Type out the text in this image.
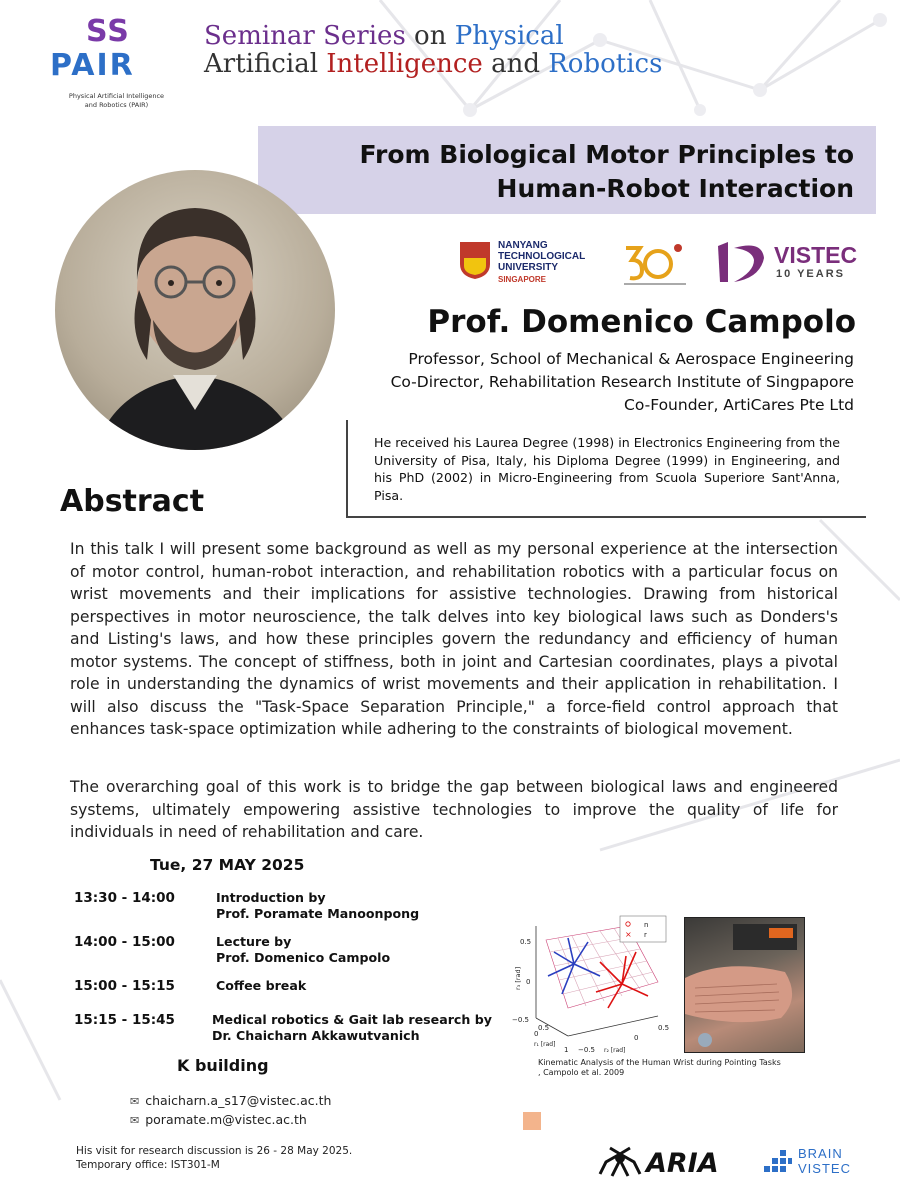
SS
PAIR
Physical Artificial Intelligence
and Robotics (PAIR)
Seminar Series on Physical
Artificial Intelligence and Robotics
From Biological Motor Principles to
Human-Robot Interaction
NANYANG
TECHNOLOGICAL
UNIVERSITY
SINGAPORE
VISTEC
10 YEARS
Prof. Domenico Campolo
Professor, School of Mechanical & Aerospace Engineering
Co-Director, Rehabilitation Research Institute of Singpapore
Co-Founder, ArtiCares Pte Ltd
He received his Laurea Degree (1998) in Electronics Engineering from the University of Pisa, Italy, his Diploma Degree (1999) in Engineering, and his PhD (2002) in Micro-Engineering from Scuola Superiore Sant'Anna, Pisa.
Abstract
In this talk I will present some background as well as my personal experience at the intersection of motor control, human-robot interaction, and rehabilitation robotics with a particular focus on wrist movements and their implications for assistive technologies. Drawing from historical perspectives in motor neuroscience, the talk delves into key biological laws such as Donders's and Listing's laws, and how these principles govern the redundancy and efficiency of human motor systems. The concept of stiffness, both in joint and Cartesian coordinates, plays a pivotal role in understanding the dynamics of wrist movements and their application in rehabilitation. I will also discuss the "Task-Space Separation Principle," a force-field control approach that enhances task-space optimization while adhering to the constraints of biological movement.
The overarching goal of this work is to bridge the gap between biological laws and engineered systems, ultimately empowering assistive technologies to improve the quality of life for individuals in need of rehabilitation and care.
Tue, 27 MAY 2025
13:30 - 14:00	Introduction by
Prof. Poramate Manoonpong
14:00 - 15:00	Lecture by
Prof. Domenico Campolo
15:00 - 15:15	Coffee break
15:15 - 15:45	Medical robotics & Gait lab research by
Dr. Chaicharn Akkawutvanich
K building
✉ chaicharn.a_s17@vistec.ac.th
✉ poramate.m@vistec.ac.th
His visit for research discussion is 26 - 28 May 2025.
Temporary office: IST301-M
0.5
0
−0.5
r₃ [rad]
0.5
0
1 −0.5
0
0.5
r₁ [rad]
r₂ [rad]
n
× r
Kinematic Analysis of the Human Wrist during Pointing Tasks
, Campolo et al. 2009
ARIA	BRAIN
VISTEC
